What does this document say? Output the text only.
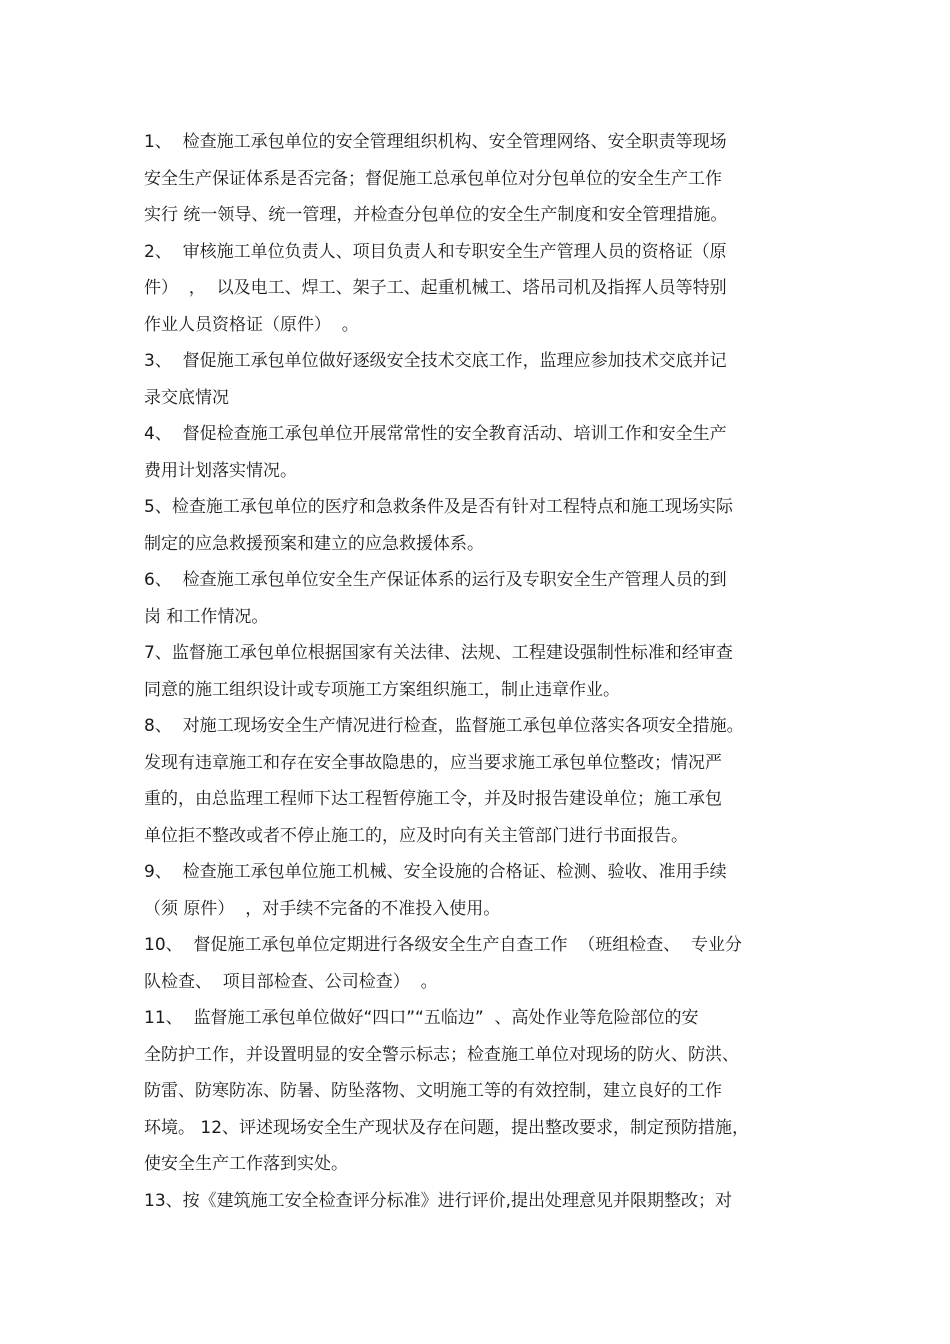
1、  检查施工承包单位的安全管理组织机构、安全管理网络、安全职责等现场
安全生产保证体系是否完备；督促施工总承包单位对分包单位的安全生产工作
实行 统一领导、统一管理，并检查分包单位的安全生产制度和安全管理措施。
2、  审核施工单位负责人、项目负责人和专职安全生产管理人员的资格证（原
件）  ，  以及电工、焊工、架子工、起重机械工、塔吊司机及指挥人员等特别
作业人员资格证（原件）  。
3、  督促施工承包单位做好逐级安全技术交底工作，监理应参加技术交底并记
录交底情况
4、  督促检查施工承包单位开展常常性的安全教育活动、培训工作和安全生产
费用计划落实情况。
5、检查施工承包单位的医疗和急救条件及是否有针对工程特点和施工现场实际
制定的应急救援预案和建立的应急救援体系。
6、  检查施工承包单位安全生产保证体系的运行及专职安全生产管理人员的到
岗 和工作情况。
7、监督施工承包单位根据国家有关法律、法规、工程建设强制性标准和经审查
同意的施工组织设计或专项施工方案组织施工，制止违章作业。
8、  对施工现场安全生产情况进行检查，监督施工承包单位落实各项安全措施。
发现有违章施工和存在安全事故隐患的，应当要求施工承包单位整改；情况严
重的，由总监理工程师下达工程暂停施工令，并及时报告建设单位；施工承包
单位拒不整改或者不停止施工的，应及时向有关主管部门进行书面报告。
9、  检查施工承包单位施工机械、安全设施的合格证、检测、验收、准用手续
（须 原件）  ，对手续不完备的不准投入使用。
10、  督促施工承包单位定期进行各级安全生产自查工作  （班组检查、  专业分
队检查、  项目部检查、公司检查）  。
11、  监督施工承包单位做好“四口”“五临边”  、高处作业等危险部位的安
全防护工作，并设置明显的安全警示标志；检查施工单位对现场的防火、防洪、
防雷、防寒防冻、防暑、防坠落物、文明施工等的有效控制，建立良好的工作
环境。 12、评述现场安全生产现状及存在问题，提出整改要求，制定预防措施，
使安全生产工作落到实处。
13、按《建筑施工安全检查评分标准》进行评价,提出处理意见并限期整改；对
